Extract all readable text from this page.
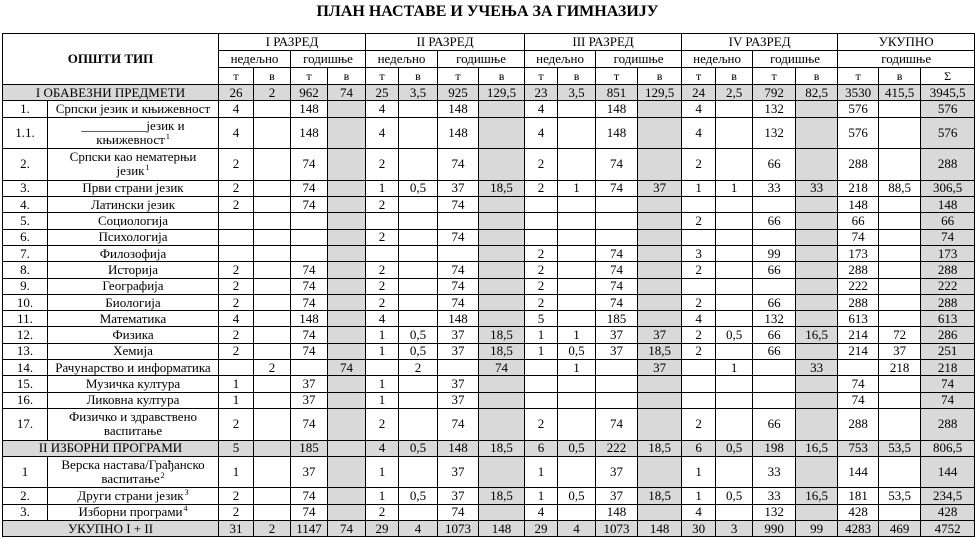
ПЛАН НАСТАВЕ И УЧЕЊА ЗА ГИМНАЗИЈУ
ОПШТИ ТИП		I РАЗРЕД				II РАЗРЕД				III РАЗРЕД				IV РАЗРЕД				УКУПНО		
		недељно		годишње		недељно		годишње		недељно		годишње		недељно		годишње		годишње		
		т	в	т	в	т	в	т	в	т	в	т	в	т	в	т	в	т	в	Σ
I ОБАВЕЗНИ ПРЕДМЕТИ		26	2	962	74	25	3,5	925	129,5	23	3,5	851	129,5	24	2,5	792	82,5	3530	415,5	3945,5
1.	Српски језик и књижевност	4		148		4		148		4		148		4		132		576		576
1.1.	__________језик и
књижевност$^1$	4		148		4		148		4		148		4		132		576		576
2.	Српски као нематерњи
језик$^1$	2		74		2		74		2		74		2		66		288		288
3.	Први страни језик	2		74		1	0,5	37	18,5	2	1	74	37	1	1	33	33	218	88,5	306,5
4.	Латински језик	2		74		2		74										148		148
5.	Социологија													2		66		66		66
6.	Психологија					2		74										74		74
7.	Филозофија									2		74		3		99		173		173
8.	Историја	2		74		2		74		2		74		2		66		288		288
9.	Географија	2		74		2		74		2		74						222		222
10.	Биологија	2		74		2		74		2		74		2		66		288		288
11.	Математика	4		148		4		148		5		185		4		132		613		613
12.	Физика	2		74		1	0,5	37	18,5	1	1	37	37	2	0,5	66	16,5	214	72	286
13.	Хемија	2		74		1	0,5	37	18,5	1	0,5	37	18,5	2		66		214	37	251
14.	Рачунарство и информатика		2		74		2		74		1		37		1		33		218	218
15.	Музичка култура	1		37		1		37										74		74
16.	Ликовна култура	1		37		1		37										74		74
17.	Физичко и здравствено
васпитање	2		74		2		74		2		74		2		66		288		288
II ИЗБОРНИ ПРОГРАМИ		5		185		4	0,5	148	18,5	6	0,5	222	18,5	6	0,5	198	16,5	753	53,5	806,5
1	Верска настава/Грађанско
васпитање$^2$	1		37		1		37		1		37		1		33		144		144
2.	Други страни језик$^3$	2		74		1	0,5	37	18,5	1	0,5	37	18,5	1	0,5	33	16,5	181	53,5	234,5
3.	Изборни програми$^4$	2		74		2		74		4		148		4		132		428		428
УКУПНО I + II		31	2	1147	74	29	4	1073	148	29	4	1073	148	30	3	990	99	4283	469	4752
